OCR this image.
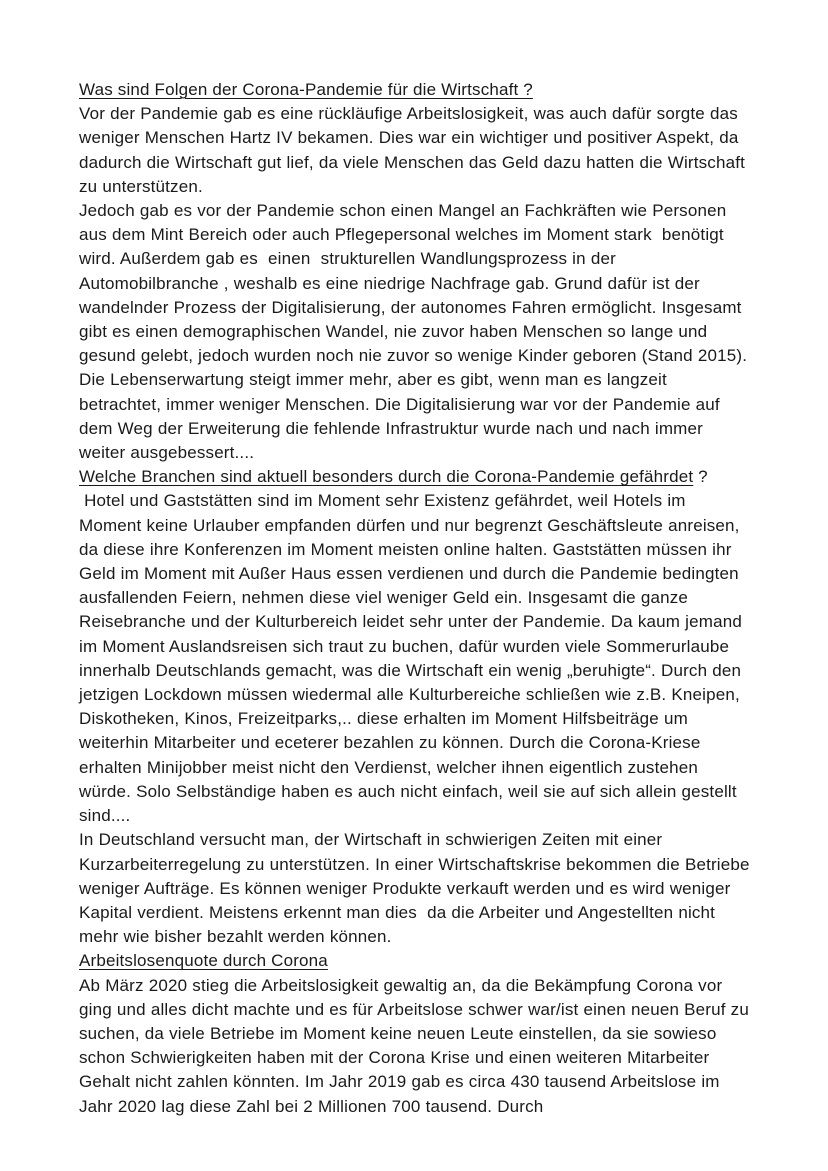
Was sind Folgen der Corona-Pandemie für die Wirtschaft ?

Vor der Pandemie gab es eine rückläufige Arbeitslosigkeit, was auch dafür sorgte das weniger Menschen Hartz IV bekamen. Dies war ein wichtiger und positiver Aspekt, da dadurch die Wirtschaft gut lief, da viele Menschen das Geld dazu hatten die Wirtschaft zu unterstützen.

Jedoch gab es vor der Pandemie schon einen Mangel an Fachkräften wie Personen aus dem Mint Bereich oder auch Pflegepersonal welches im Moment stark  benötigt wird. Außerdem gab es  einen  strukturellen Wandlungsprozess in der Automobilbranche , weshalb es eine niedrige Nachfrage gab. Grund dafür ist der wandelnder Prozess der Digitalisierung, der autonomes Fahren ermöglicht. Insgesamt gibt es einen demographischen Wandel, nie zuvor haben Menschen so lange und gesund gelebt, jedoch wurden noch nie zuvor so wenige Kinder geboren (Stand 2015). Die Lebenserwartung steigt immer mehr, aber es gibt, wenn man es langzeit betrachtet, immer weniger Menschen. Die Digitalisierung war vor der Pandemie auf dem Weg der Erweiterung die fehlende Infrastruktur wurde nach und nach immer weiter ausgebessert....

Welche Branchen sind aktuell besonders durch die Corona-Pandemie gefährdet ?

Hotel und Gaststätten sind im Moment sehr Existenz gefährdet, weil Hotels im Moment keine Urlauber empfanden dürfen und nur begrenzt Geschäftsleute anreisen, da diese ihre Konferenzen im Moment meisten online halten. Gaststätten müssen ihr Geld im Moment mit Außer Haus essen verdienen und durch die Pandemie bedingten ausfallenden Feiern, nehmen diese viel weniger Geld ein. Insgesamt die ganze Reisebranche und der Kulturbereich leidet sehr unter der Pandemie. Da kaum jemand im Moment Auslandsreisen sich traut zu buchen, dafür wurden viele Sommerurlaube innerhalb Deutschlands gemacht, was die Wirtschaft ein wenig „beruhigte“. Durch den jetzigen Lockdown müssen wiedermal alle Kulturbereiche schließen wie z.B. Kneipen, Diskotheken, Kinos, Freizeitparks,.. diese erhalten im Moment Hilfsbeiträge um weiterhin Mitarbeiter und eceterer bezahlen zu können. Durch die Corona-Kriese erhalten Minijobber meist nicht den Verdienst, welcher ihnen eigentlich zustehen würde. Solo Selbständige haben es auch nicht einfach, weil sie auf sich allein gestellt sind....

In Deutschland versucht man, der Wirtschaft in schwierigen Zeiten mit einer Kurzarbeiterregelung zu unterstützen. In einer Wirtschaftskrise bekommen die Betriebe weniger Aufträge. Es können weniger Produkte verkauft werden und es wird weniger Kapital verdient. Meistens erkennt man dies  da die Arbeiter und Angestellten nicht mehr wie bisher bezahlt werden können.

Arbeitslosenquote durch Corona

Ab März 2020 stieg die Arbeitslosigkeit gewaltig an, da die Bekämpfung Corona vor ging und alles dicht machte und es für Arbeitslose schwer war/ist einen neuen Beruf zu suchen, da viele Betriebe im Moment keine neuen Leute einstellen, da sie sowieso schon Schwierigkeiten haben mit der Corona Krise und einen weiteren Mitarbeiter Gehalt nicht zahlen könnten. Im Jahr 2019 gab es circa 430 tausend Arbeitslose im Jahr 2020 lag diese Zahl bei 2 Millionen 700 tausend. Durch
